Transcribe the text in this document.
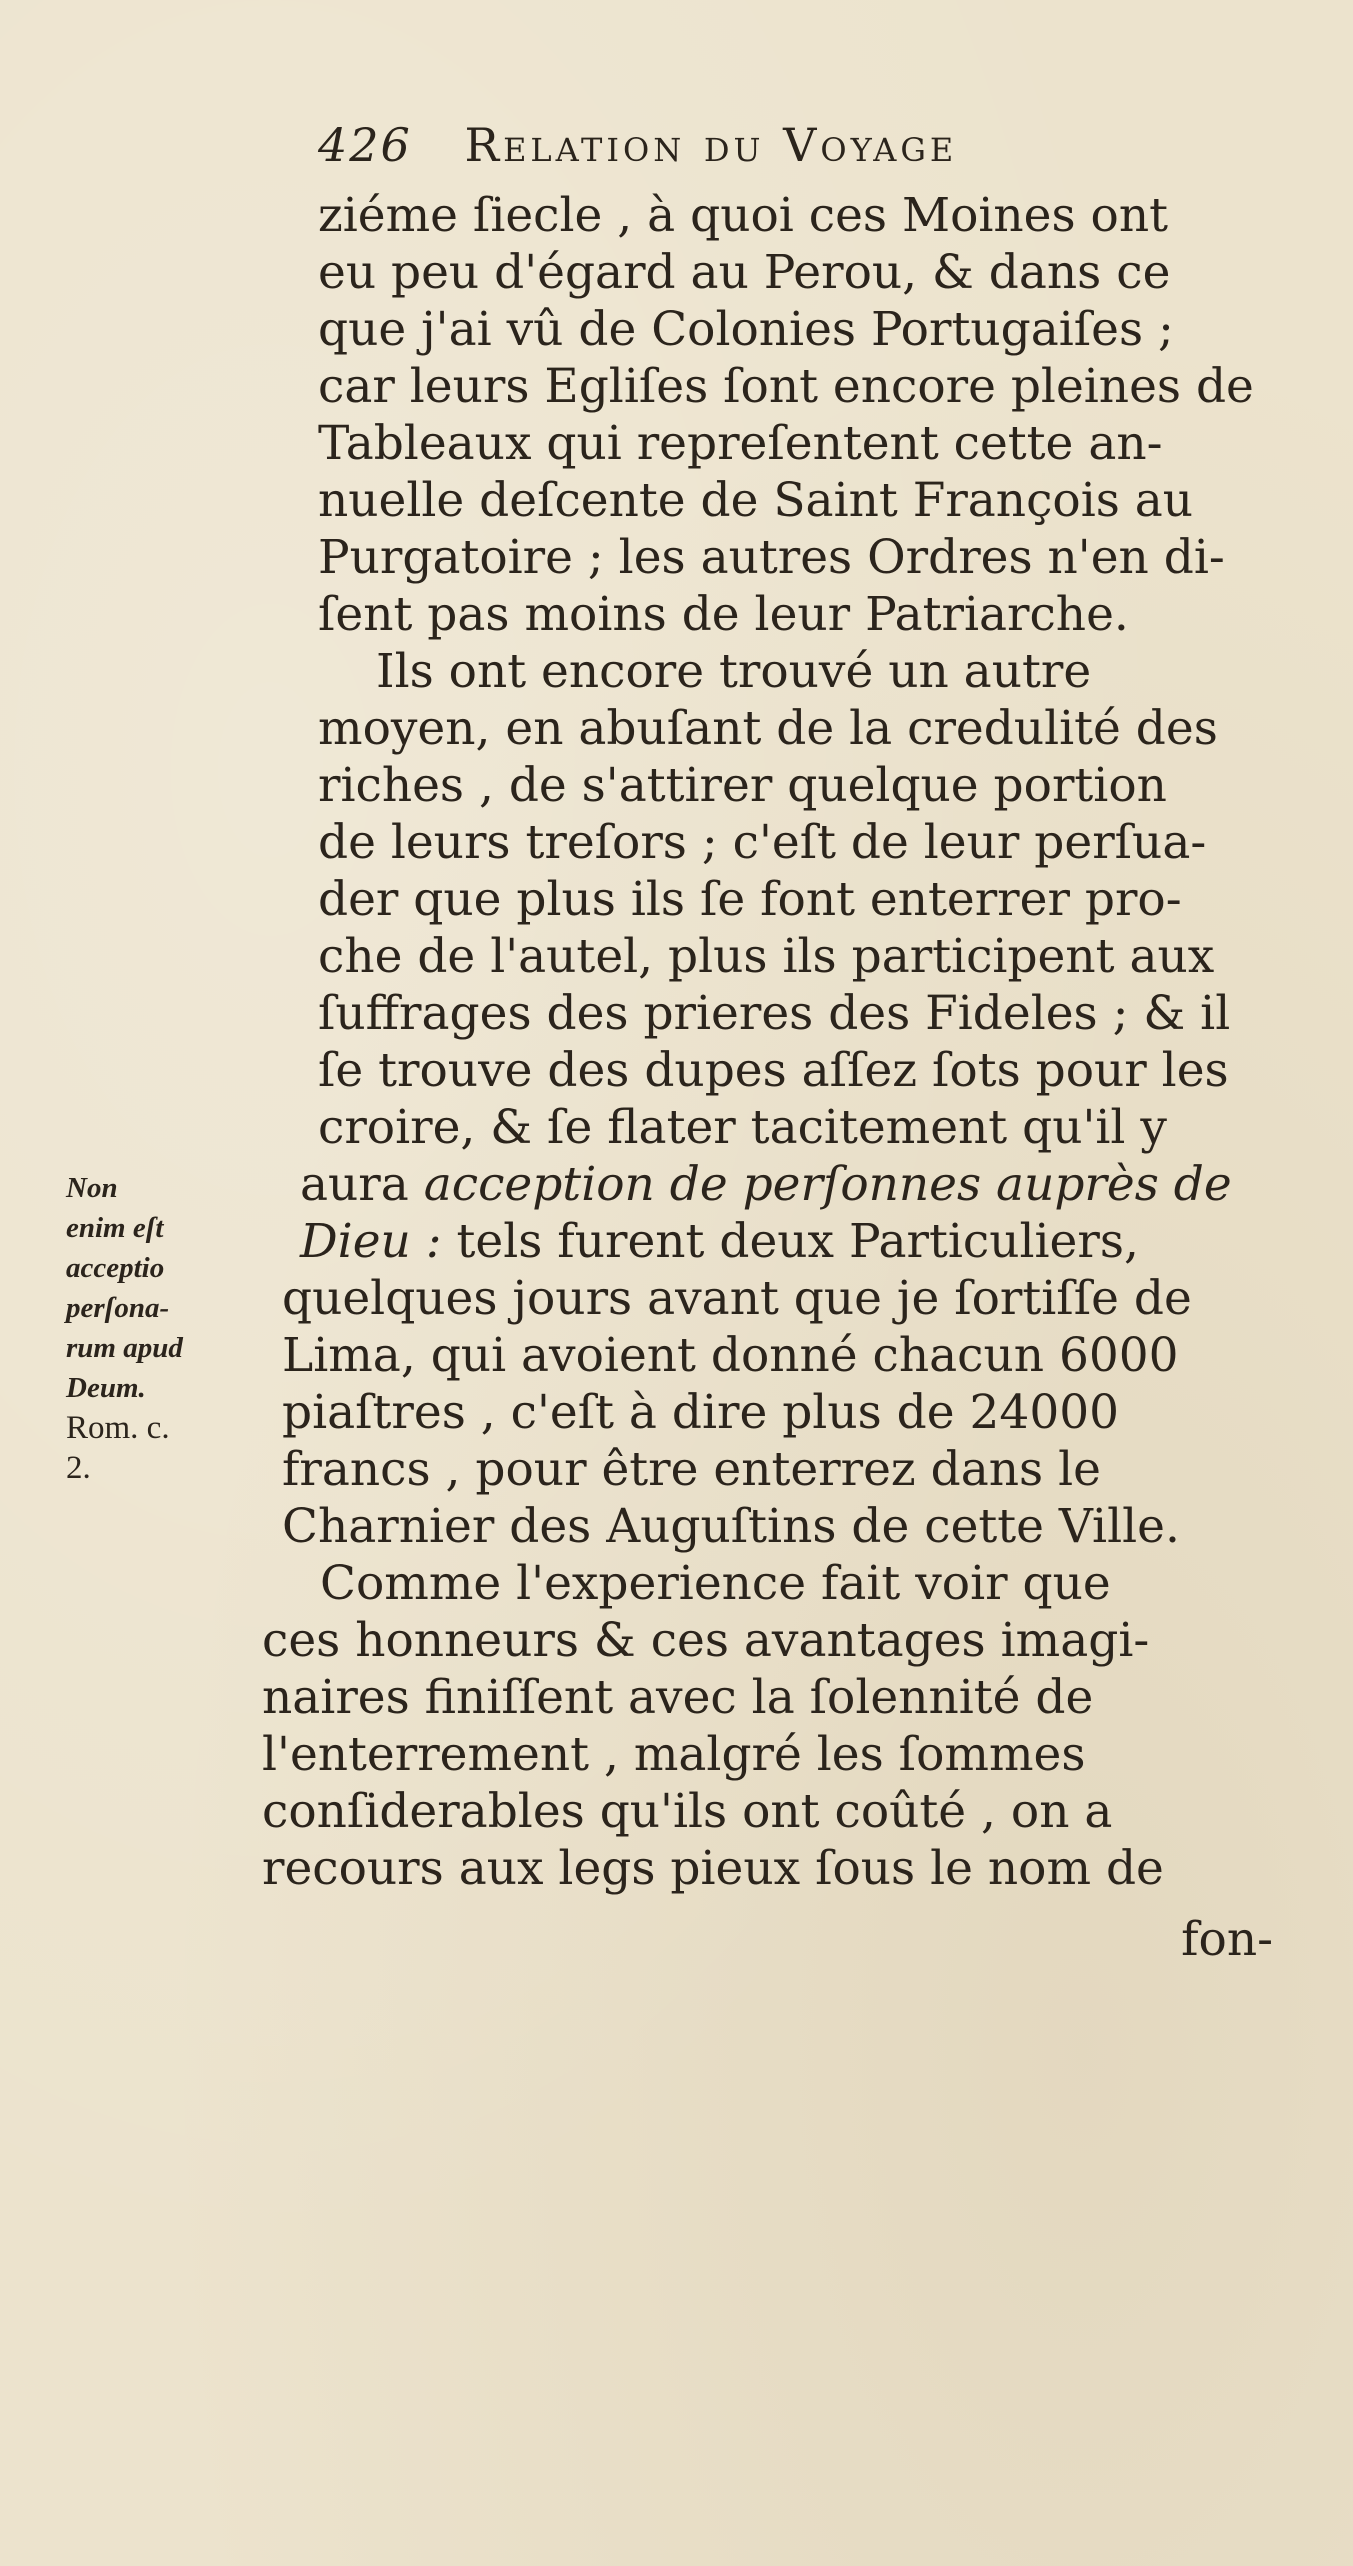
426 Relation du Voyage
ziéme ſiecle , à quoi ces Moines ont
eu peu d'égard au Perou, & dans ce
que j'ai vû de Colonies Portugaiſes ;
car leurs Egliſes ſont encore pleines de
Tableaux qui repreſentent cette an-
nuelle deſcente de Saint François au
Purgatoire ; les autres Ordres n'en di-
ſent pas moins de leur Patriarche.
Ils ont encore trouvé un autre
moyen, en abuſant de la credulité des
riches , de s'attirer quelque portion
de leurs treſors ; c'eſt de leur perſua-
der que plus ils ſe font enterrer pro-
che de l'autel, plus ils participent aux
ſuffrages des prieres des Fideles ; & il
ſe trouve des dupes aſſez ſots pour les
croire, & ſe flater tacitement qu'il y
aura acception de perſonnes auprès de
Dieu : tels furent deux Particuliers,
quelques jours avant que je ſortiſſe de
Lima, qui avoient donné chacun 6000
piaſtres , c'eſt à dire plus de 24000
francs , pour être enterrez dans le
Charnier des Auguſtins de cette Ville.
Comme l'experience fait voir que
ces honneurs & ces avantages imagi-
naires finiſſent avec la ſolennité de
l'enterrement , malgré les ſommes
conſiderables qu'ils ont coûté , on a
recours aux legs pieux ſous le nom de
fon-
Non
enim eſt
acceptio
perſona-
rum apud
Deum.
Rom. c.
2.
